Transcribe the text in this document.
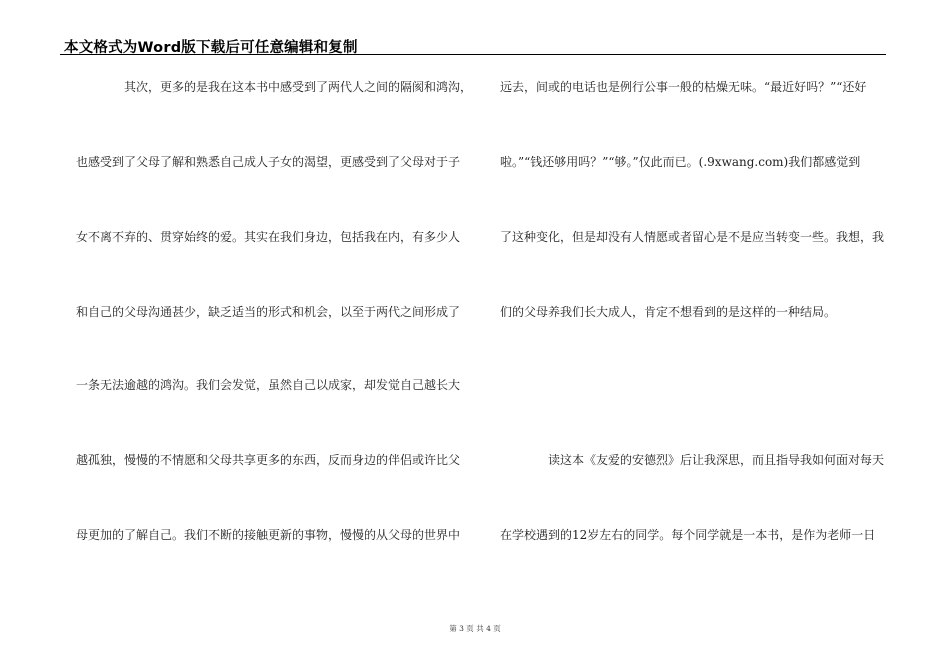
本文格式为Word版下载后可任意编辑和复制
其次，更多的是我在这本书中感受到了两代人之间的隔阂和鸿沟，
也感受到了父母了解和熟悉自己成人子女的渴望，更感受到了父母对于子
女不离不弃的、贯穿始终的爱。其实在我们身边，包括我在内，有多少人
和自己的父母沟通甚少，缺乏适当的形式和机会，以至于两代之间形成了
一条无法逾越的鸿沟。我们会发觉，虽然自己以成家，却发觉自己越长大
越孤独，慢慢的不情愿和父母共享更多的东西，反而身边的伴侣或许比父
母更加的了解自己。我们不断的接触更新的事物，慢慢的从父母的世界中
远去，间或的电话也是例行公事一般的枯燥无味。“最近好吗？”“还好
啦。”“钱还够用吗？”“够。”仅此而已。(.9xwang.com)我们都感觉到
了这种变化，但是却没有人情愿或者留心是不是应当转变一些。我想，我
们的父母养我们长大成人，肯定不想看到的是这样的一种结局。
读这本《友爱的安德烈》后让我深思，而且指导我如何面对每天
在学校遇到的12岁左右的同学。每个同学就是一本书，是作为老师一日
第 3 页 共 4 页
